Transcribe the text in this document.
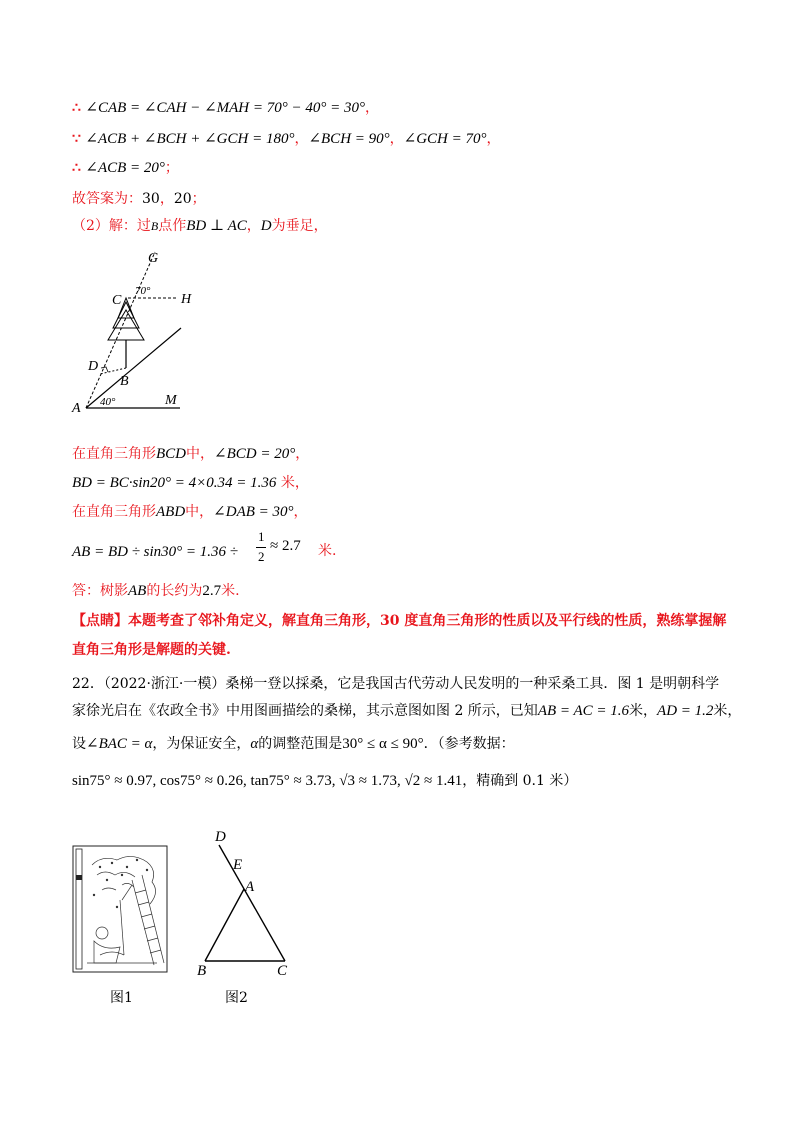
∴ ∠CAB = ∠CAH − ∠MAH = 70° − 40° = 30°，
∵ ∠ACB + ∠BCH + ∠GCH = 180°，∠BCH = 90°，∠GCH = 70°，
∴ ∠ACB = 20°；
故答案为：30，20；
（2）解：过B点作BD ⊥ AC，D为垂足，
G
C	H
70°
D
B
A 40°	M
在直角三角形BCD中，∠BCD = 20°，
BD = BC·sin20° = 4×0.34 = 1.36 米，
在直角三角形ABD中，∠DAB = 30°，
AB = BD ÷ sin30° = 1.36 ÷
1
2
≈ 2.7 米.
答：树影AB的长约为2.7米.
【点睛】本题考查了邻补角定义，解直角三角形，30 度直角三角形的性质以及平行线的性质，熟练掌握解
直角三角形是解题的关键.
22．（2022·浙江·一模）桑梯一登以採桑，它是我国古代劳动人民发明的一种采桑工具．图 1 是明朝科学
家徐光启在《农政全书》中用图画描绘的桑梯，其示意图如图 2 所示，已知AB = AC = 1.6米，AD = 1.2米，
设∠BAC = α，为保证安全，α的调整范围是30° ≤ α ≤ 90°．（参考数据：
sin75° ≈ 0.97, cos75° ≈ 0.26, tan75° ≈ 3.73, √3 ≈ 1.73, √2 ≈ 1.41，精确到 0.1 米）
D
E
A
B	C
图1	图2
